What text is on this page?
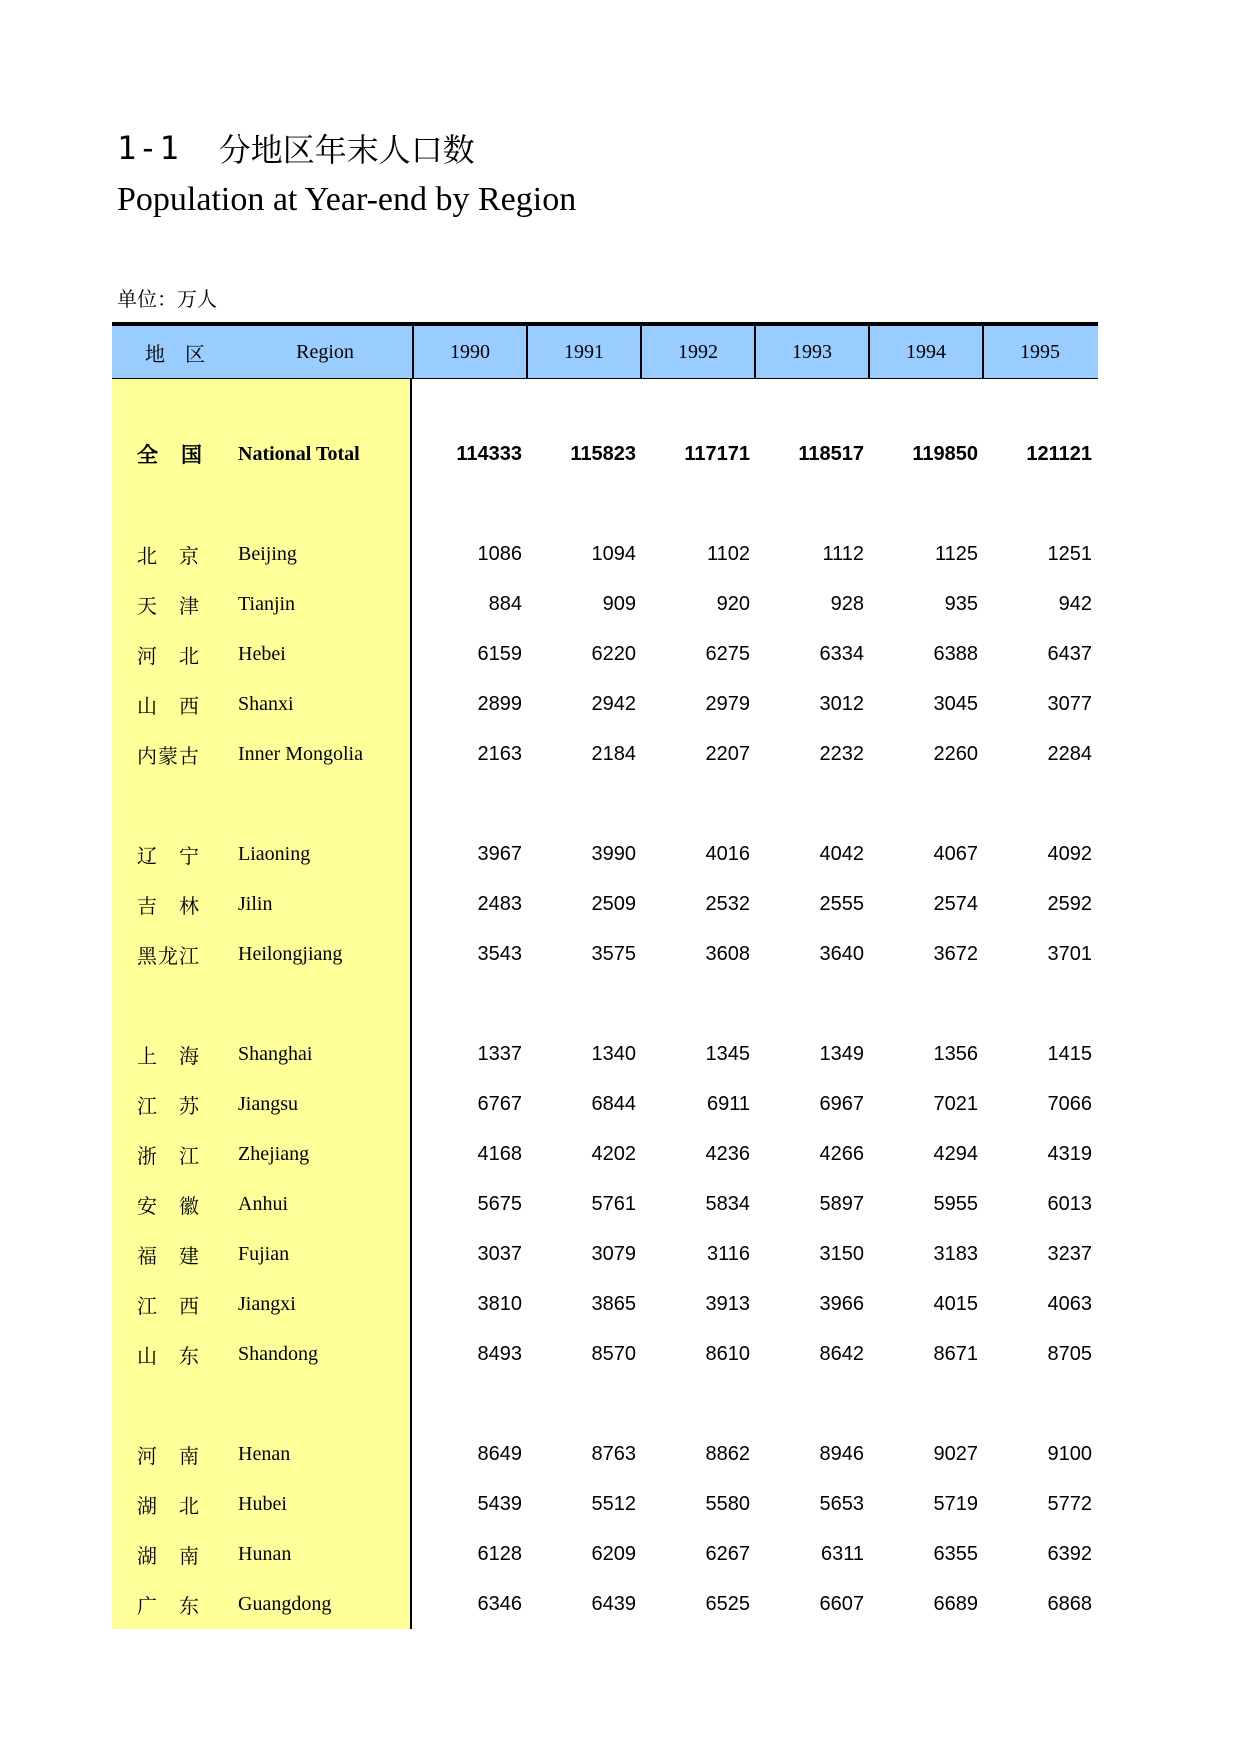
1-1 分地区年末人口数
Population at Year-end by Region
单位：万人
地　区	Region	1990	1991	1992	1993	1994	1995
全　国	National Total	114333	115823	117171	118517	119850	121121
北　京	Beijing	1086	1094	1102	1112	1125	1251
天　津	Tianjin	884	909	920	928	935	942
河　北	Hebei	6159	6220	6275	6334	6388	6437
山　西	Shanxi	2899	2942	2979	3012	3045	3077
内蒙古	Inner Mongolia	2163	2184	2207	2232	2260	2284
辽　宁	Liaoning	3967	3990	4016	4042	4067	4092
吉　林	Jilin	2483	2509	2532	2555	2574	2592
黑龙江	Heilongjiang	3543	3575	3608	3640	3672	3701
上　海	Shanghai	1337	1340	1345	1349	1356	1415
江　苏	Jiangsu	6767	6844	6911	6967	7021	7066
浙　江	Zhejiang	4168	4202	4236	4266	4294	4319
安　徽	Anhui	5675	5761	5834	5897	5955	6013
福　建	Fujian	3037	3079	3116	3150	3183	3237
江　西	Jiangxi	3810	3865	3913	3966	4015	4063
山　东	Shandong	8493	8570	8610	8642	8671	8705
河　南	Henan	8649	8763	8862	8946	9027	9100
湖　北	Hubei	5439	5512	5580	5653	5719	5772
湖　南	Hunan	6128	6209	6267	6311	6355	6392
广　东	Guangdong	6346	6439	6525	6607	6689	6868
